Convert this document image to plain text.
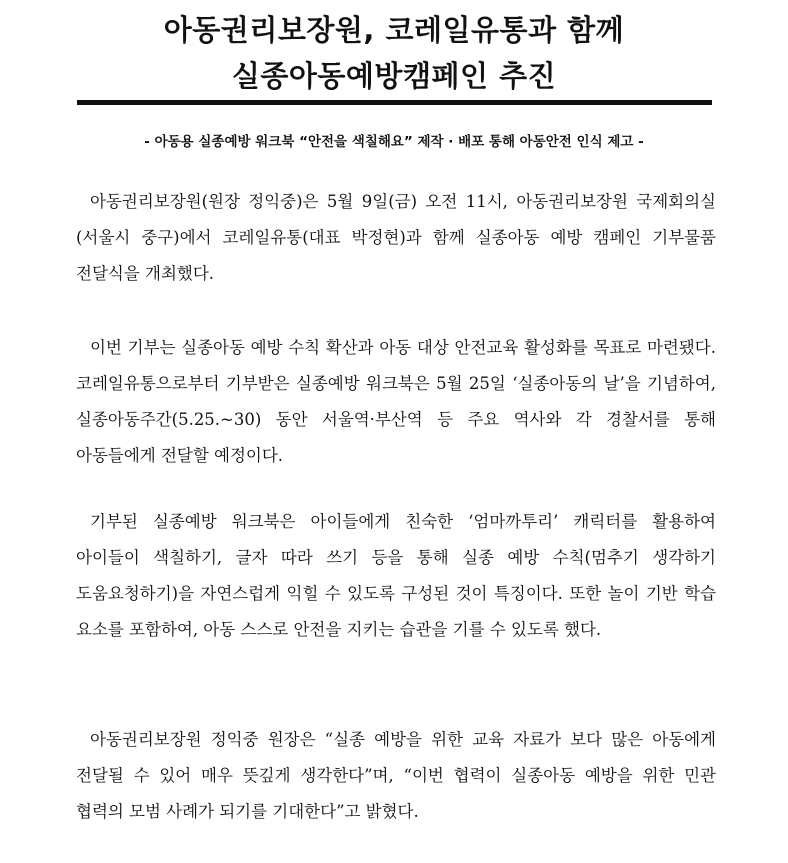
아동권리보장원, 코레일유통과 함께
실종아동예방캠페인 추진
- 아동용 실종예방 워크북 “안전을 색칠해요” 제작 · 배포 통해 아동안전 인식 제고 -

아동권리보장원(원장 정익중)은 5월 9일(금) 오전 11시, 아동권리보장원 국제회의실(서울시 중구)에서 코레일유통(대표 박정현)과 함께 실종아동 예방 캠페인 기부물품 전달식을 개최했다.

이번 기부는 실종아동 예방 수칙 확산과 아동 대상 안전교육 활성화를 목표로 마련됐다. 코레일유통으로부터 기부받은 실종예방 워크북은 5월 25일 ‘실종아동의 날’을 기념하여, 실종아동주간(5.25.~30) 동안 서울역·부산역 등 주요 역사와 각 경찰서를 통해 아동들에게 전달할 예정이다.

기부된 실종예방 워크북은 아이들에게 친숙한 ‘엄마까투리’ 캐릭터를 활용하여 아이들이 색칠하기, 글자 따라 쓰기 등을 통해 실종 예방 수칙(멈추기 생각하기 도움요청하기)을 자연스럽게 익힐 수 있도록 구성된 것이 특징이다. 또한 놀이 기반 학습 요소를 포함하여, 아동 스스로 안전을 지키는 습관을 기를 수 있도록 했다.

아동권리보장원 정익중 원장은 “실종 예방을 위한 교육 자료가 보다 많은 아동에게 전달될 수 있어 매우 뜻깊게 생각한다”며, “이번 협력이 실종아동 예방을 위한 민관 협력의 모범 사례가 되기를 기대한다”고 밝혔다.
